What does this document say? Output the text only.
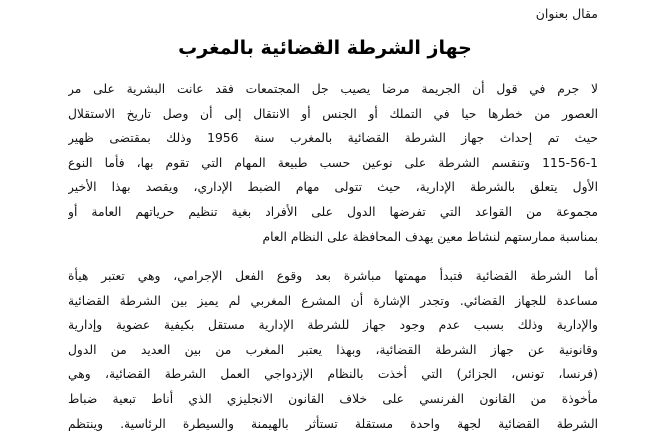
مقال بعنوان
جهاز الشرطة القضائية بالمغرب
لا جرم في قول أن الجريمة مرضا يصيب جل المجتمعات فقد عانت البشرية على مر
العصور من خطرها حيا في التملك أو الجنس أو الانتقال إلى أن وصل تاريخ الاستقلال
حيث تم إحداث جهاز الشرطة القضائية بالمغرب سنة 1956 وذلك بمقتضى ظهير
115-56-1 وتنقسم الشرطة على نوعين حسب طبيعة المهام التي تقوم بها، فأما النوع
الأول يتعلق بالشرطة الإدارية، حيث تتولى مهام الضبط الإداري، ويقصد بهذا الأخير
مجموعة من القواعد التي تفرضها الدول على الأفراد بغية تنظيم حرياتهم العامة أو
بمناسبة ممارستهم لنشاط معين يهدف المحافظة على النظام العام
أما الشرطة القضائية فتبدأ مهمتها مباشرة بعد وقوع الفعل الإجرامي، وهي تعتبر هيأة
مساعدة للجهاز القضائي. وتجدر الإشارة أن المشرع المغربي لم يميز بين الشرطة القضائية
والإدارية وذلك بسبب عدم وجود جهاز للشرطة الإدارية مستقل بكيفية عضوية وإدارية
وقانونية عن جهاز الشرطة القضائية، وبهذا يعتبر المغرب من بين العديد من الدول
(فرنسا، تونس، الجزائر) التي أخذت بالنظام الإزدواجي العمل الشرطة القضائية، وهي
مأخوذة من القانون الفرنسي على خلاف القانون الانجليزي الذي أناط تبعية ضباط
الشرطة القضائية لجهة واحدة مستقلة تستأثر بالهيمنة والسيطرة الرئاسية. وينتظم
